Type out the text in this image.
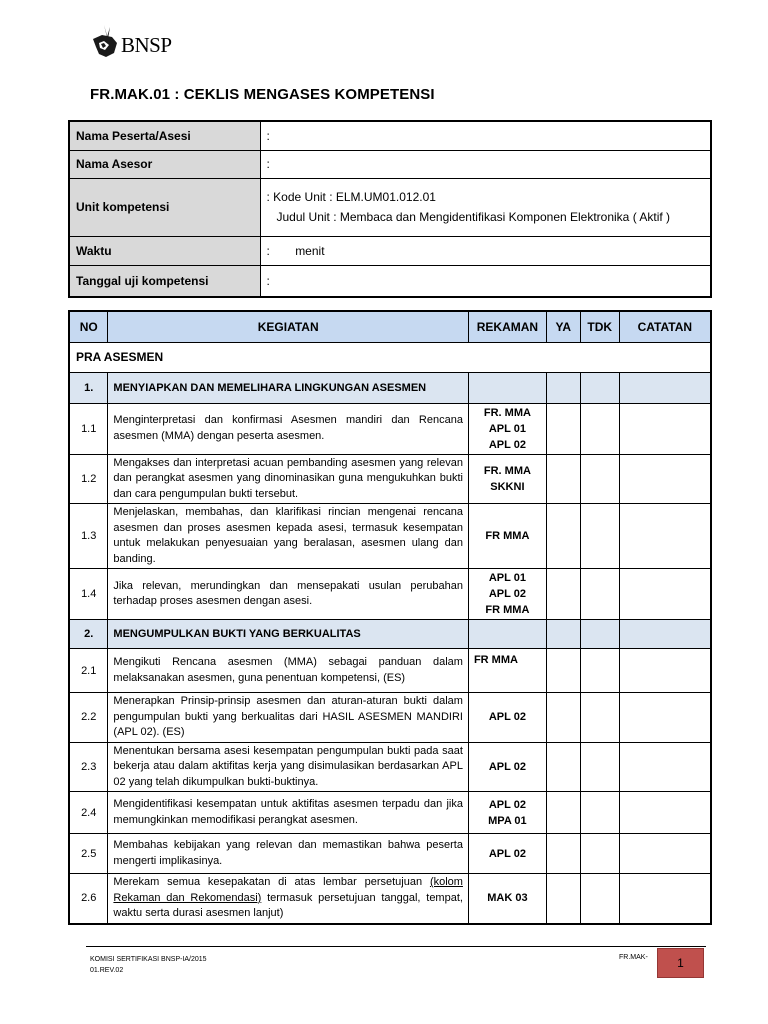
BNSP
FR.MAK.01 : CEKLIS MENGASES KOMPETENSI
Nama Peserta/Asesi	:
Nama Asesor	:
Unit kompetensi	: Kode Unit : ELM.UM01.012.01
Judul Unit : Membaca dan Mengidentifikasi Komponen Elektronika ( Aktif )

Waktu	: menit
Tanggal uji kompetensi	:
NO	KEGIATAN	REKAMAN	YA	TDK	CATATAN
PRA ASESMEN					
1.	MENYIAPKAN DAN MEMELIHARA LINGKUNGAN ASESMEN				
1.1	Menginterpretasi dan konfirmasi Asesmen mandiri dan Rencana asesmen (MMA) dengan peserta asesmen.	FR. MMA
APL 01
APL 02			

1.2	Mengakses dan interpretasi acuan pembanding asesmen yang relevan dan perangkat asesmen yang dinominasikan guna mengukuhkan bukti dan cara pengumpulan bukti tersebut.	FR. MMA
SKKNI			

1.3	Menjelaskan, membahas, dan klarifikasi rincian mengenai rencana asesmen dan proses asesmen kepada asesi, termasuk kesempatan untuk melakukan penyesuaian yang beralasan, asesmen ulang dan banding.	FR MMA			

1.4	Jika relevan, merundingkan dan mensepakati usulan perubahan terhadap proses asesmen dengan asesi.	APL 01
APL 02
FR MMA			

2.	MENGUMPULKAN BUKTI YANG BERKUALITAS				
2.1	Mengikuti Rencana asesmen (MMA) sebagai panduan dalam melaksanakan asesmen, guna penentuan kompetensi, (ES)	FR MMA			

2.2	Menerapkan Prinsip-prinsip asesmen dan aturan-aturan bukti dalam pengumpulan bukti yang berkualitas dari HASIL ASESMEN MANDIRI (APL 02). (ES)	APL 02			

2.3	Menentukan bersama asesi kesempatan pengumpulan bukti pada saat bekerja atau dalam aktifitas kerja yang disimulasikan berdasarkan APL 02 yang telah dikumpulkan bukti-buktinya.	APL 02			

2.4	Mengidentifikasi kesempatan untuk aktifitas asesmen terpadu dan jika memungkinkan memodifikasi perangkat asesmen.	APL 02
MPA 01			

2.5	Membahas kebijakan yang relevan dan memastikan bahwa peserta mengerti implikasinya.	APL 02			

2.6	Merekam semua kesepakatan di atas lembar persetujuan (kolom Rekaman dan Rekomendasi) termasuk persetujuan tanggal, tempat, waktu serta durasi asesmen lanjut)	MAK 03			

KOMISI SERTIFIKASI BNSP-IA/2015
01.REV.02
FR.MAK-	1
